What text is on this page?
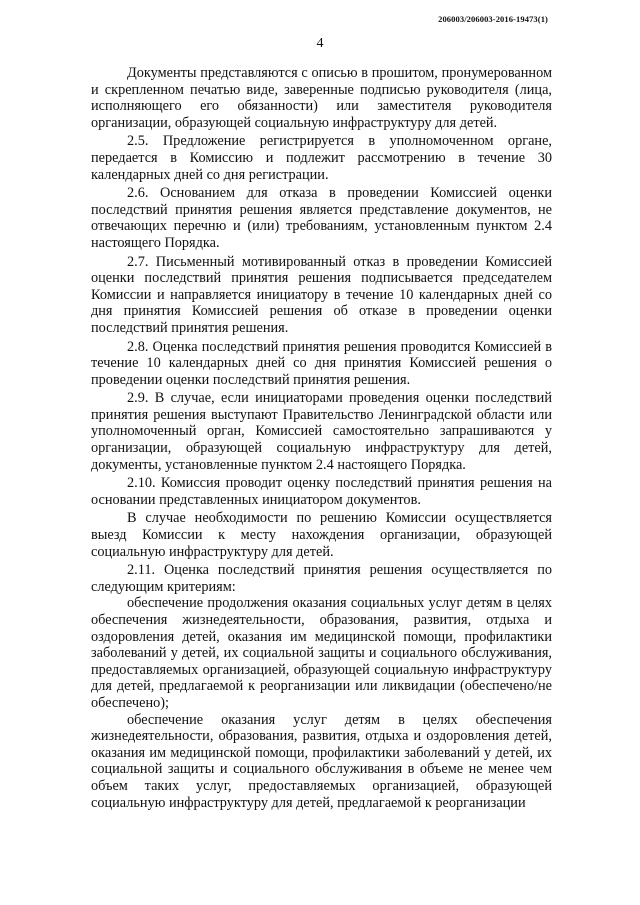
206003/206003-2016-19473(1)
4

Документы представляются с описью в прошитом, пронумерованном и скрепленном печатью виде, заверенные подписью руководителя (лица, исполняющего его обязанности) или заместителя руководителя организации, образующей социальную инфраструктуру для детей.

2.5. Предложение регистрируется в уполномоченном органе, передается в Комиссию и подлежит рассмотрению в течение 30 календарных дней со дня регистрации.

2.6. Основанием для отказа в проведении Комиссией оценки последствий принятия решения является представление документов, не отвечающих перечню и (или) требованиям, установленным пунктом 2.4 настоящего Порядка.

2.7. Письменный мотивированный отказ в проведении Комиссией оценки последствий принятия решения подписывается председателем Комиссии и направляется инициатору в течение 10 календарных дней со дня принятия Комиссией решения об отказе в проведении оценки последствий принятия решения.

2.8. Оценка последствий принятия решения проводится Комиссией в течение 10 календарных дней со дня принятия Комиссией решения о проведении оценки последствий принятия решения.

2.9. В случае, если инициаторами проведения оценки последствий принятия решения выступают Правительство Ленинградской области или уполномоченный орган, Комиссией самостоятельно запрашиваются у организации, образующей социальную инфраструктуру для детей, документы, установленные пунктом 2.4 настоящего Порядка.

2.10. Комиссия проводит оценку последствий принятия решения на основании представленных инициатором документов.

В случае необходимости по решению Комиссии осуществляется выезд Комиссии к месту нахождения организации, образующей социальную инфраструктуру для детей.

2.11. Оценка последствий принятия решения осуществляется по следующим критериям:

обеспечение продолжения оказания социальных услуг детям в целях обеспечения жизнедеятельности, образования, развития, отдыха и оздоровления детей, оказания им медицинской помощи, профилактики заболеваний у детей, их социальной защиты и социального обслуживания, предоставляемых организацией, образующей социальную инфраструктуру для детей, предлагаемой к реорганизации или ликвидации (обеспечено/не обеспечено);

обеспечение оказания услуг детям в целях обеспечения жизнедеятельности, образования, развития, отдыха и оздоровления детей, оказания им медицинской помощи, профилактики заболеваний у детей, их социальной защиты и социального обслуживания в объеме не менее чем объем таких услуг, предоставляемых организацией, образующей социальную инфраструктуру для детей, предлагаемой к реорганизации
